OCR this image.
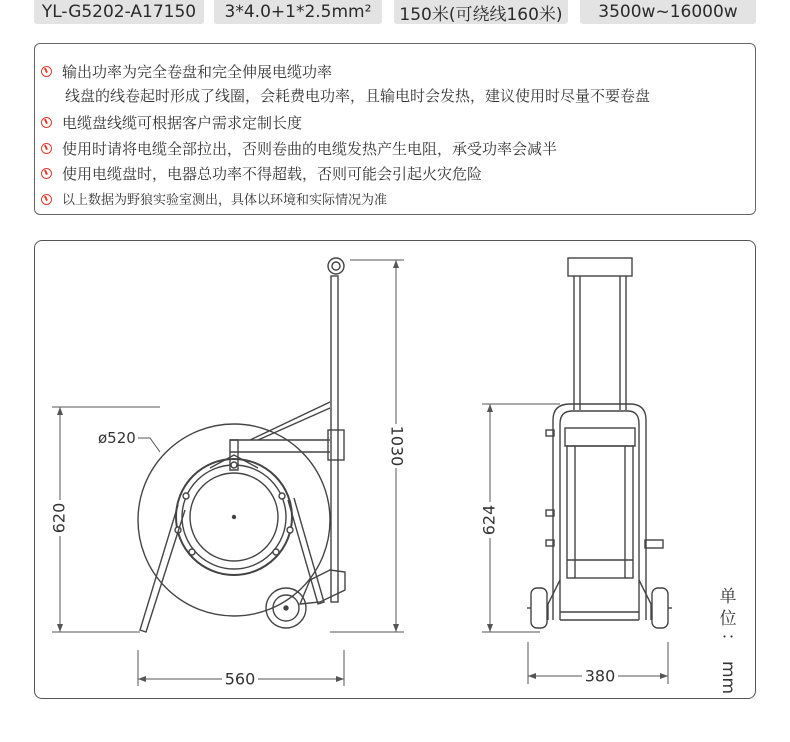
YL-G5202-A17150	3*4.0+1*2.5mm²	150米(可绕线160米)	3500w~16000w
输出功率为完全卷盘和完全伸展电缆功率
线盘的线卷起时形成了线圈，会耗费电功率，且输电时会发热，建议使用时尽量不要卷盘
电缆盘线缆可根据客户需求定制长度
使用时请将电缆全部拉出，否则卷曲的电缆发热产生电阻，承受功率会减半
使用电缆盘时，电器总功率不得超载，否则可能会引起火灾危险
以上数据为野狼实验室测出，具体以环境和实际情况为准
620
1030
560
ø520
624
380
单
位
：
mm
